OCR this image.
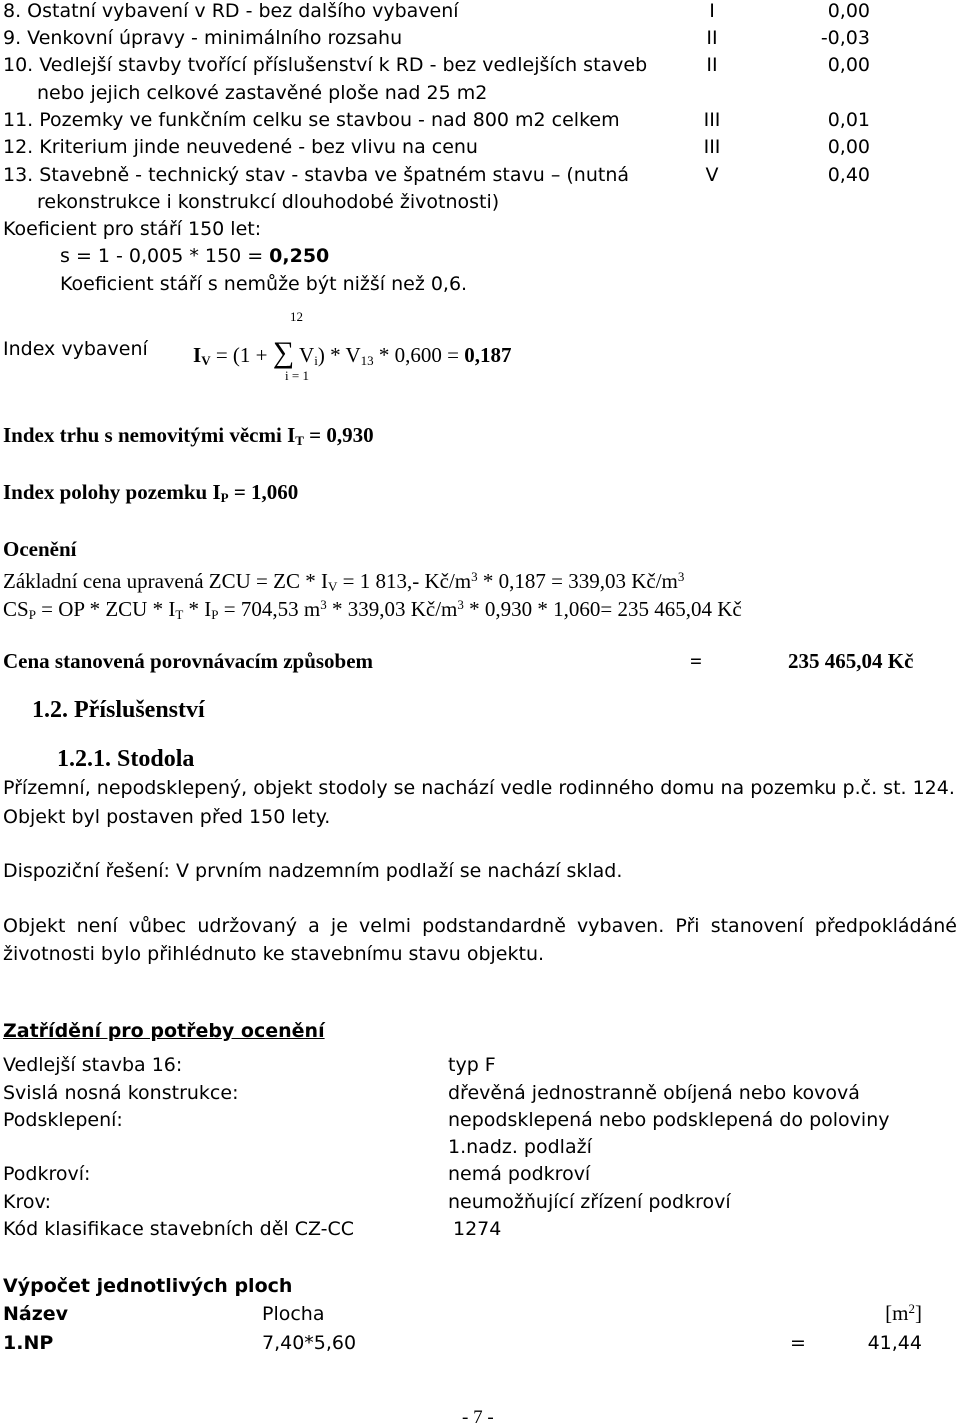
8. Ostatní vybavení v RD - bez dalšího vybavení	I	0,00
9. Venkovní úpravy - minimálního rozsahu	II	-0,03
10. Vedlejší stavby tvořící příslušenství k RD - bez vedlejších staveb	II	0,00
nebo jejich celkové zastavěné ploše nad 25 m2
11. Pozemky ve funkčním celku se stavbou - nad 800 m2 celkem	III	0,01
12. Kriterium jinde neuvedené - bez vlivu na cenu	III	0,00
13. Stavebně - technický stav - stavba ve špatném stavu – (nutná	V	0,40
rekonstrukce i konstrukcí dlouhodobé životnosti)
Koeficient pro stáří 150 let:
s = 1 - 0,005 * 150 = 0,250
Koeficient stáří s nemůže být nižší než 0,6.
12
Index vybavení $I_V = (1$ + ∑ $V_i) * V_{13} * 0,600 = 0,187$
i = 1
Index trhu s nemovitými věcmi $I_T = 0,930$
Index polohy pozemku $I_P = 1,060$
Ocenění
Základní cena upravená ZCU = ZC * $I_V = 1$ 813,- $Kč/m^3 * 0,187 = 339,03$ $Kč/m^3$
$CS_P$ = OP * ZCU * $I_T * I_P = 704,53$ $m^3 * 339,03$ $Kč/m^3 * 0,930 * 1,060= 235$ 465,04 Kč
Cena stanovená porovnávacím způsobem	=	235 465,04 Kč
1.2. Příslušenství
1.2.1. Stodola
Přízemní, nepodsklepený, objekt stodoly se nachází vedle rodinného domu na pozemku p.č. st. 124.
Objekt byl postaven před 150 lety.
Dispoziční řešení: V prvním nadzemním podlaží se nachází sklad.
Objekt není vůbec udržovaný a je velmi podstandardně vybaven. Při stanovení předpokládáné
životnosti bylo přihlédnuto ke stavebnímu stavu objektu.
Zatřídění pro potřeby ocenění
Vedlejší stavba 16:	typ F
Svislá nosná konstrukce:	dřevěná jednostranně obíjená nebo kovová
Podsklepení:	nepodsklepená nebo podsklepená do poloviny
1.nadz. podlaží
Podkroví:	nemá podkroví
Krov:	neumožňující zřízení podkroví
Kód klasifikace stavebních děl CZ-CC	1274
Výpočet jednotlivých ploch
Název	Plocha	$[m^2]$
1.NP	7,40*5,60	=	41,44
- 7 -
